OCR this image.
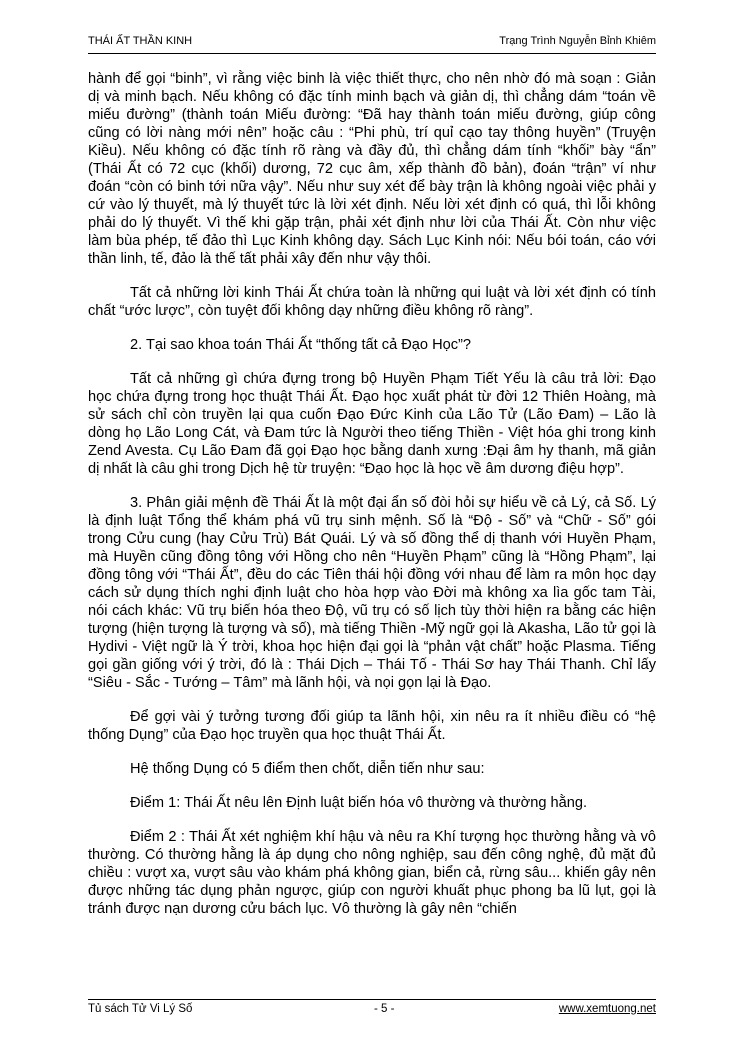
THÁI ẤT THẦN KINH	Trạng Trình Nguyễn Bỉnh Khiêm

hành để gọi “binh”, vì rằng việc binh là việc thiết thực, cho nên nhờ đó mà soạn : Giản dị và minh bạch. Nếu không có đặc tính minh bạch và giản dị, thì chẳng dám “toán về miếu đường” (thành toán Miếu đường: “Đã hay thành toán miếu đường, giúp công cũng có lời nàng mới nên” hoặc câu : “Phi phù, trí quỉ cạo tay thông huyền” (Truyện Kiều). Nếu không có đặc tính rõ ràng và đầy đủ, thì chẳng dám tính “khối” bày “ẩn” (Thái Ất có 72 cục (khối) dương, 72 cục âm, xếp thành đồ bản), đoán “trận” ví như đoán “còn có binh tới nữa vậy”. Nếu như suy xét để bày trận là không ngoài việc phải y cứ vào lý thuyết, mà lý thuyết tức là lời xét định. Nếu lời xét định có quá, thì lỗi không phải do lý thuyết. Vì thế khi gặp trận, phải xét định như lời của Thái Ất. Còn như việc làm bùa phép, tế đảo thì Lục Kinh không dạy. Sách Lục Kinh nói: Nếu bói toán, cáo với thần linh, tế, đảo là thế tất phải xây đến như vậy thôi.

Tất cả những lời kinh Thái Ất chứa toàn là những qui luật và lời xét định có tính chất “ước lược”, còn tuyệt đối không dạy những điều không rõ ràng”.

2. Tại sao khoa toán Thái Ất “thống tất cả Đạo Học”?

Tất cả những gì chứa đựng trong bộ Huyền Phạm Tiết Yếu là câu trả lời: Đạo học chứa đựng trong học thuật Thái Ất. Đạo học xuất phát từ đời 12 Thiên Hoàng, mà sử sách chỉ còn truyền lại qua cuốn Đạo Đức Kinh của Lão Tử (Lão Đam) – Lão là dòng họ Lão Long Cát, và Đam tức là Người theo tiếng Thiền - Việt hóa ghi trong kinh Zend Avesta. Cụ Lão Đam đã gọi Đạo học bằng danh xưng :Đại âm hy thanh, mã giản dị nhất là câu ghi trong Dịch hệ từ truyện: “Đạo học là học về âm dương điệu hợp”.

3. Phân giải mệnh đề Thái Ất là một đại ẩn số đòi hỏi sự hiểu về cả Lý, cả Số. Lý là định luật Tổng thể khám phá vũ trụ sinh mệnh. Số là “Độ - Số” và “Chữ - Số” gói trong Cửu cung (hay Cửu Trù) Bát Quái. Lý và số đồng thể dị thanh với Huyền Phạm, mà Huyền cũng đồng tông với Hồng cho nên “Huyền Phạm” cũng là “Hồng Phạm”, lại đồng tông với “Thái Ất”, đều do các Tiên thái hội đồng với nhau để làm ra môn học dạy cách sử dụng thích nghi định luật cho hòa hợp vào Đời mà không xa lìa gốc tam Tài, nói cách khác: Vũ trụ biến hóa theo Độ, vũ trụ có số lịch tùy thời hiện ra bằng các hiện tượng (hiện tượng là tượng và số), mà tiếng Thiền -Mỹ ngữ gọi là Akasha, Lão tử gọi là Hydivi - Việt ngữ là Ý trời, khoa học hiện đại gọi là “phản vật chất” hoặc Plasma. Tiếng gọi gần giống với ý trời, đó là : Thái Dịch – Thái Tố - Thái Sơ hay Thái Thanh. Chỉ lấy “Siêu - Sắc - Tướng – Tâm” mà lãnh hội, và nọi gọn lại là Đạo.

Để gợi vài ý tưởng tương đối giúp ta lãnh hội, xin nêu ra ít nhiều điều có “hệ thống Dụng” của Đạo học truyền qua học thuật Thái Ất.

Hệ thống Dụng có 5 điểm then chốt, diễn tiến như sau:

Điểm 1: Thái Ất nêu lên Định luật biến hóa vô thường và thường hằng.

Điểm 2 : Thái Ất xét nghiệm khí hậu và nêu ra Khí tượng học thường hằng và vô thường. Có thường hằng là áp dụng cho nông nghiệp, sau đến công nghệ, đủ mặt đủ chiều : vượt xa, vượt sâu vào khám phá không gian, biển cả, rừng sâu... khiến gây nên được những tác dụng phản ngược, giúp con người khuất phục phong ba lũ lụt, gọi là tránh được nạn dương cửu bách lục. Vô thường là gây nên “chiến

Tủ sách Tử Vi Lý Số	- 5 -	www.xemtuong.net
